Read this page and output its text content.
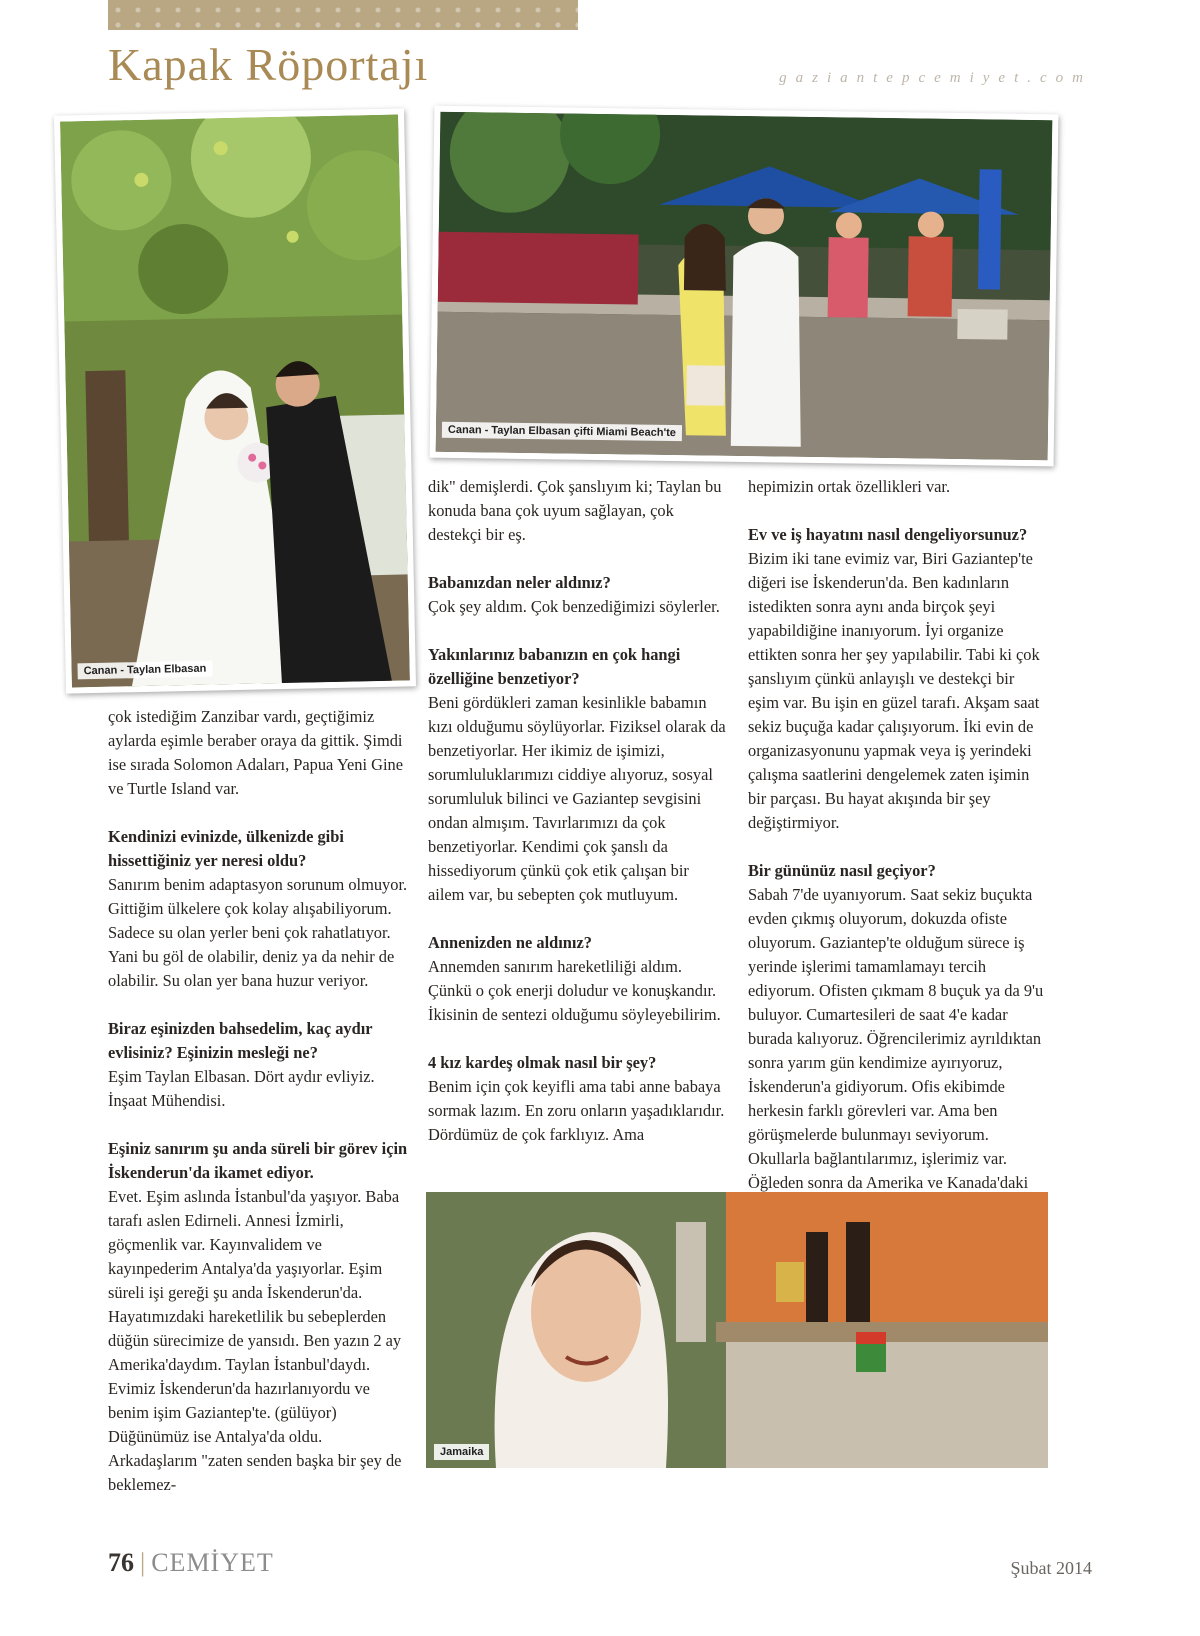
Kapak Röportajı	gaziantepcemiyet.com
Canan - Taylan Elbasan
Canan - Taylan Elbasan çifti Miami Beach'te

çok istediğim Zanzibar vardı, geçtiğimiz aylarda eşimle beraber oraya da gittik. Şimdi ise sırada Solomon Adaları, Papua Yeni Gine ve Turtle Island var.

Kendinizi evinizde, ülkenizde gibi hissettiğiniz yer neresi oldu?

Sanırım benim adaptasyon sorunum olmuyor. Gittiğim ülkelere çok kolay alışabiliyorum. Sadece su olan yerler beni çok rahatlatıyor. Yani bu göl de olabilir, deniz ya da nehir de olabilir. Su olan yer bana huzur veriyor.

Biraz eşinizden bahsedelim, kaç aydır evlisiniz? Eşinizin mesleği ne?

Eşim Taylan Elbasan. Dört aydır evliyiz. İnşaat Mühendisi.

Eşiniz sanırım şu anda süreli bir görev için İskenderun'da ikamet ediyor.

Evet. Eşim aslında İstanbul'da yaşıyor. Baba tarafı aslen Edirneli. Annesi İzmirli, göçmenlik var. Kayınvalidem ve kayınpederim Antalya'da yaşıyorlar. Eşim süreli işi gereği şu anda İskenderun'da. Hayatımızdaki hareketlilik bu sebeplerden düğün sürecimize de yansıdı. Ben yazın 2 ay Amerika'daydım. Taylan İstanbul'daydı. Evimiz İskenderun'da hazırlanıyordu ve benim işim Gaziantep'te. (gülüyor) Düğünümüz ise Antalya'da oldu. Arkadaşlarım "zaten senden başka bir şey de beklemez-

dik" demişlerdi. Çok şanslıyım ki; Taylan bu konuda bana çok uyum sağlayan, çok destekçi bir eş.

Babanızdan neler aldınız?

Çok şey aldım. Çok benzediğimizi söylerler.

Yakınlarınız babanızın en çok hangi özelliğine benzetiyor?

Beni gördükleri zaman kesinlikle babamın kızı olduğumu söylüyorlar. Fiziksel olarak da benzetiyorlar. Her ikimiz de işimizi, sorumluluklarımızı ciddiye alıyoruz, sosyal sorumluluk bilinci ve Gaziantep sevgisini ondan almışım. Tavırlarımızı da çok benzetiyorlar. Kendimi çok şanslı da hissediyorum çünkü çok etik çalışan bir ailem var, bu sebepten çok mutluyum.

Annenizden ne aldınız?

Annemden sanırım hareketliliği aldım. Çünkü o çok enerji doludur ve konuşkandır. İkisinin de sentezi olduğumu söyleyebilirim.

4 kız kardeş olmak nasıl bir şey?

Benim için çok keyifli ama tabi anne babaya sormak lazım. En zoru onların yaşadıklarıdır. Dördümüz de çok farklıyız. Ama

hepimizin ortak özellikleri var.

Ev ve iş hayatını nasıl dengeliyorsunuz?

Bizim iki tane evimiz var, Biri Gaziantep'te diğeri ise İskenderun'da. Ben kadınların istedikten sonra aynı anda birçok şeyi yapabildiğine inanıyorum. İyi organize ettikten sonra her şey yapılabilir. Tabi ki çok şanslıyım çünkü anlayışlı ve destekçi bir eşim var. Bu işin en güzel tarafı. Akşam saat sekiz buçuğa kadar çalışıyorum. İki evin de organizasyonunu yapmak veya iş yerindeki çalışma saatlerini dengelemek zaten işimin bir parçası. Bu hayat akışında bir şey değiştirmiyor.

Bir gününüz nasıl geçiyor?

Sabah 7'de uyanıyorum. Saat sekiz buçukta evden çıkmış oluyorum, dokuzda ofiste oluyorum. Gaziantep'te olduğum sürece iş yerinde işlerimi tamamlamayı tercih ediyorum. Ofisten çıkmam 8 buçuk ya da 9'u buluyor. Cumartesileri de saat 4'e kadar burada kalıyoruz. Öğrencilerimiz ayrıldıktan sonra yarım gün kendimize ayırıyoruz, İskenderun'a gidiyorum. Ofis ekibimde herkesin farklı görevleri var. Ama ben görüşmelerde bulunmayı seviyorum. Okullarla bağlantılarımız, işlerimiz var. Öğleden sonra da Amerika ve Kanada'daki

Jamaika
76 | CEMİYET	Şubat 2014
